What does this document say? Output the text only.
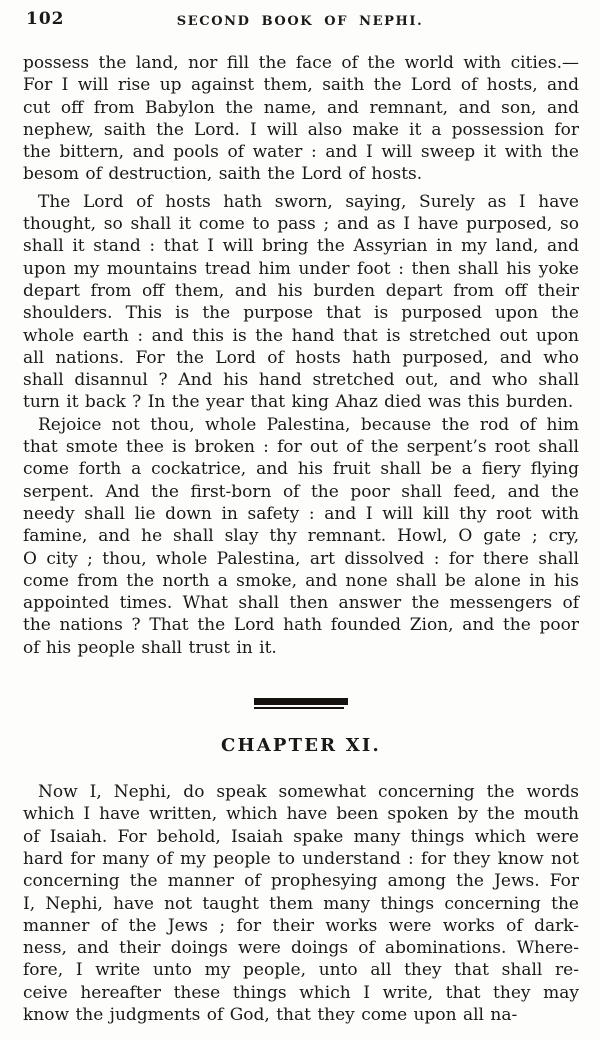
102	SECOND BOOK OF NEPHI.
possess the land, nor fill the face of the world with cities.—
For I will rise up against them, saith the Lord of hosts, and
cut off from Babylon the name, and remnant, and son, and
nephew, saith the Lord. I will also make it a possession for
the bittern, and pools of water : and I will sweep it with the
besom of destruction, saith the Lord of hosts.
The Lord of hosts hath sworn, saying, Surely as I have
thought, so shall it come to pass ; and as I have purposed, so
shall it stand : that I will bring the Assyrian in my land, and
upon my mountains tread him under foot : then shall his yoke
depart from off them, and his burden depart from off their
shoulders. This is the purpose that is purposed upon the
whole earth : and this is the hand that is stretched out upon
all nations. For the Lord of hosts hath purposed, and who
shall disannul ? And his hand stretched out, and who shall
turn it back ? In the year that king Ahaz died was this burden.
Rejoice not thou, whole Palestina, because the rod of him
that smote thee is broken : for out of the serpent’s root shall
come forth a cockatrice, and his fruit shall be a fiery flying
serpent. And the first-born of the poor shall feed, and the
needy shall lie down in safety : and I will kill thy root with
famine, and he shall slay thy remnant. Howl, O gate ; cry,
O city ; thou, whole Palestina, art dissolved : for there shall
come from the north a smoke, and none shall be alone in his
appointed times. What shall then answer the messengers of
the nations ? That the Lord hath founded Zion, and the poor
of his people shall trust in it.
CHAPTER XI.
Now I, Nephi, do speak somewhat concerning the words
which I have written, which have been spoken by the mouth
of Isaiah. For behold, Isaiah spake many things which were
hard for many of my people to understand : for they know not
concerning the manner of prophesying among the Jews. For
I, Nephi, have not taught them many things concerning the
manner of the Jews ; for their works were works of dark-
ness, and their doings were doings of abominations. Where-
fore, I write unto my people, unto all they that shall re-
ceive hereafter these things which I write, that they may
know the judgments of God, that they come upon all na-
